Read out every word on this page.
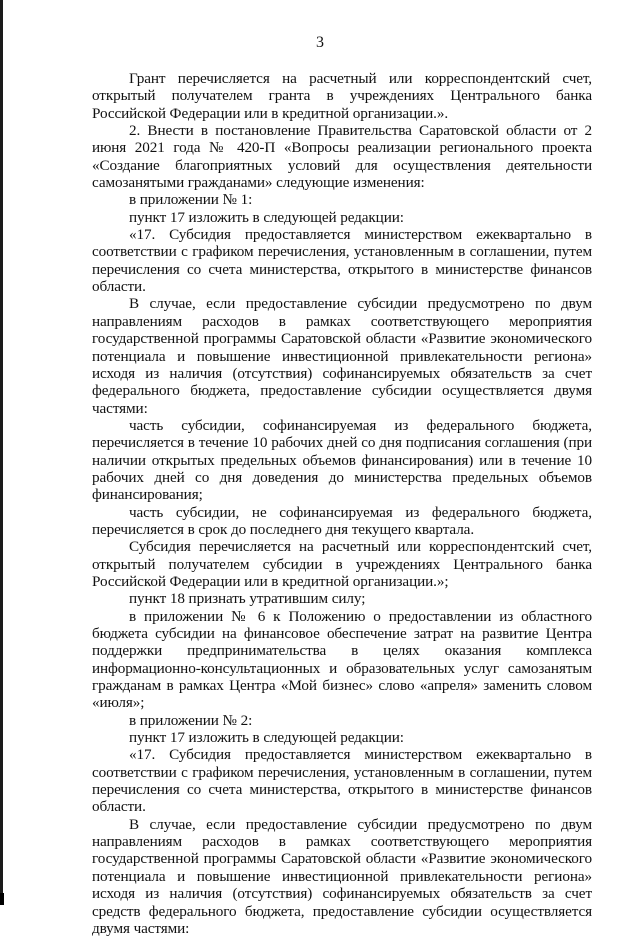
3

Грант перечисляется на расчетный или корреспондентский счет, открытый получателем гранта в учреждениях Центрального банка Российской Федерации или в кредитной организации.».

2. Внести в постановление Правительства Саратовской области от 2 июня 2021 года № 420-П «Вопросы реализации регионального проекта «Создание благоприятных условий для осуществления деятельности самозанятыми гражданами» следующие изменения:

в приложении № 1:

пункт 17 изложить в следующей редакции:

«17. Субсидия предоставляется министерством ежеквартально в соответствии с графиком перечисления, установленным в соглашении, путем перечисления со счета министерства, открытого в министерстве финансов области.

В случае, если предоставление субсидии предусмотрено по двум направлениям расходов в рамках соответствующего мероприятия государственной программы Саратовской области «Развитие экономического потенциала и повышение инвестиционной привлекательности региона» исходя из наличия (отсутствия) софинансируемых обязательств за счет федерального бюджета, предоставление субсидии осуществляется двумя частями:

часть субсидии, софинансируемая из федерального бюджета, перечисляется в течение 10 рабочих дней со дня подписания соглашения (при наличии открытых предельных объемов финансирования) или в течение 10 рабочих дней со дня доведения до министерства предельных объемов финансирования;

часть субсидии, не софинансируемая из федерального бюджета, перечисляется в срок до последнего дня текущего квартала.

Субсидия перечисляется на расчетный или корреспондентский счет, открытый получателем субсидии в учреждениях Центрального банка Российской Федерации или в кредитной организации.»;

пункт 18 признать утратившим силу;

в приложении № 6 к Положению о предоставлении из областного бюджета субсидии на финансовое обеспечение затрат на развитие Центра поддержки предпринимательства в целях оказания комплекса информационно-консультационных и образовательных услуг самозанятым гражданам в рамках Центра «Мой бизнес» слово «апреля» заменить словом «июля»;

в приложении № 2:

пункт 17 изложить в следующей редакции:

«17. Субсидия предоставляется министерством ежеквартально в соответствии с графиком перечисления, установленным в соглашении, путем перечисления со счета министерства, открытого в министерстве финансов области.

В случае, если предоставление субсидии предусмотрено по двум направлениям расходов в рамках соответствующего мероприятия государственной программы Саратовской области «Развитие экономического потенциала и повышение инвестиционной привлекательности региона» исходя из наличия (отсутствия) софинансируемых обязательств за счет средств федерального бюджета, предоставление субсидии осуществляется двумя частями:
